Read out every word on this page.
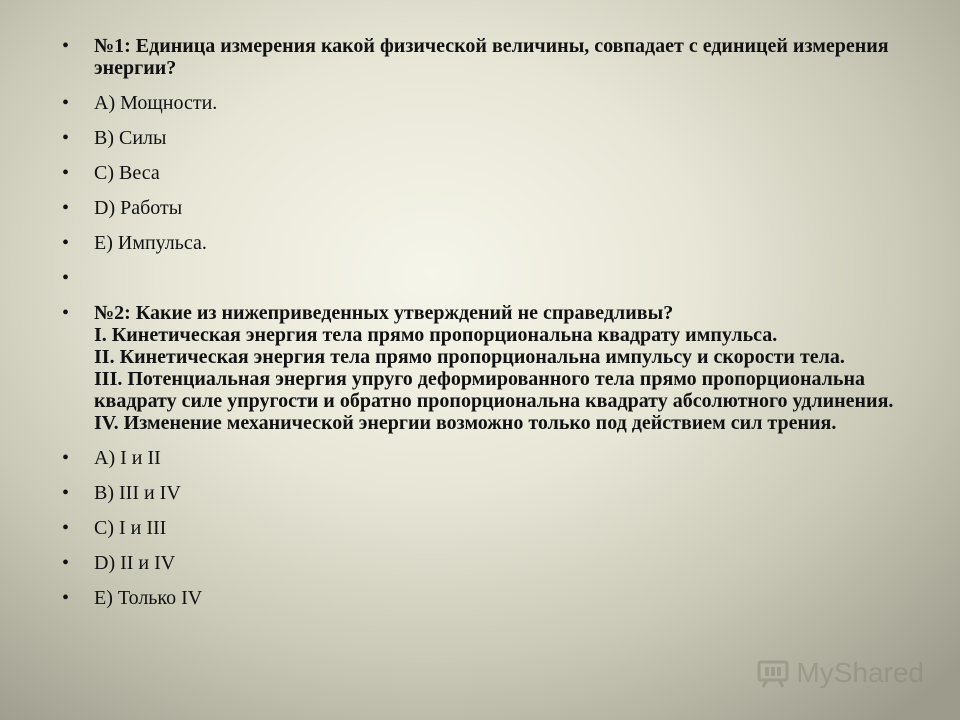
• №1: Единица измерения какой физической величины, совпадает с единицей измерения энергии?
• А) Мощности.
• В) Силы
• С) Веса
• D) Работы
• Е) Импульса.
•
• №2: Какие из нижеприведенных утверждений не справедливы?
I. Кинетическая энергия тела прямо пропорциональна квадрату импульса.
II. Кинетическая энергия тела прямо пропорциональна импульсу и скорости тела.
III. Потенциальная энергия упруго деформированного тела прямо пропорциональна квадрату силе упругости и обратно пропорциональна квадрату абсолютного удлинения.
IV. Изменение механической энергии возможно только под действием сил трения.
• А) I и II
• В) III и IV
• С) I и III
• D) II и IV
• Е) Только IV
MyShared
